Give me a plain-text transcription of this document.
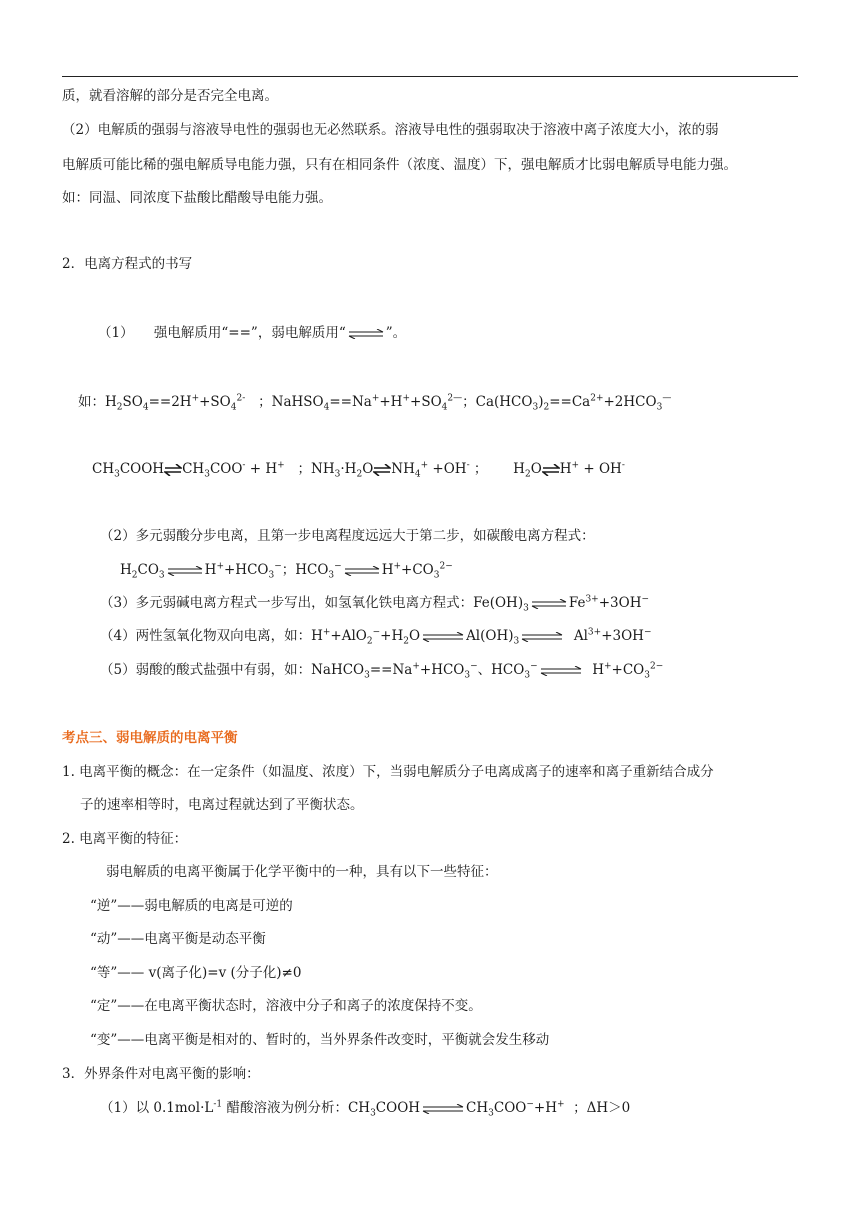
质，就看溶解的部分是否完全电离。
（2）电解质的强弱与溶液导电性的强弱也无必然联系。溶液导电性的强弱取决于溶液中离子浓度大小，浓的弱
电解质可能比稀的强电解质导电能力强，只有在相同条件（浓度、温度）下，强电解质才比弱电解质导电能力强。
如：同温、同浓度下盐酸比醋酸导电能力强。
2．电离方程式的书写
（1） 强电解质用“==”，弱电解质用“⇌”。
如：$H_2SO_4==2H^++SO_4^{2-}$   ；$NaHSO_4==Na^++H^++SO_4^{2—}$；$Ca(HCO_3)_2==Ca^{2+}+2HCO_3^—$
$CH_3COOH\rightleftharpoons CH_3COO^- + H^+$   ；$NH_3\cdot H_2O\rightleftharpoons NH_4^+ +OH^-$ ；      $H_2O\rightleftharpoons H^+ + OH^-$
（2）多元弱酸分步电离，且第一步电离程度远远大于第二步，如碳酸电离方程式：
$H_2CO_3$ $\rightleftharpoons H^++HCO_3^-$；$HCO_3^-\rightleftharpoons H^++CO_3^{2-}$
（3）多元弱碱电离方程式一步写出，如氢氧化铁电离方程式：$Fe(OH)_3$ $\rightleftharpoons Fe^{3+}+3OH^-$
（4）两性氢氧化物双向电离，如：$H^++AlO_2^-+H_2O\rightleftharpoons Al(OH)_3$ ⇌ $Al^{3+}+3OH^-$
（5）弱酸的酸式盐强中有弱，如：$NaHCO_3==Na^++HCO_3^-$、$HCO_3^-\rightleftharpoons$ $H^++CO_3^{2-}$
考点三、弱电解质的电离平衡
1. 电离平衡的概念：在一定条件（如温度、浓度）下，当弱电解质分子电离成离子的速率和离子重新结合成分
子的速率相等时，电离过程就达到了平衡状态。
2. 电离平衡的特征：
弱电解质的电离平衡属于化学平衡中的一种，具有以下一些特征：
“逆”——弱电解质的电离是可逆的
“动”——电离平衡是动态平衡
“等”—— v(离子化)=v (分子化)≠0
“定”——在电离平衡状态时，溶液中分子和离子的浓度保持不变。
“变”——电离平衡是相对的、暂时的，当外界条件改变时，平衡就会发生移动
3．外界条件对电离平衡的影响：
（1）以 $0.1mol\cdot L^{-1}$ 醋酸溶液为例分析：$CH_3COOH\rightleftharpoons CH_3COO^-+H^+$ ；ΔH＞0
